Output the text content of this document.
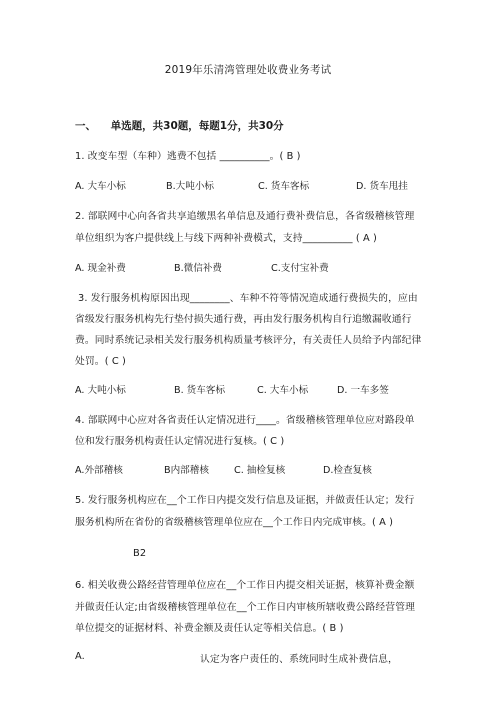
2019年乐清湾管理处收费业务考试
一、 单选题，共30题，每题1分，共30分
1. 改变车型（车种）逃费不包括 __________。( B )
A. 大车小标	B.大吨小标	C. 货车客标	D. 货车甩挂
2. 部联网中心向各省共享追缴黑名单信息及通行费补费信息，各省级稽核管理
单位组织为客户提供线上与线下两种补费模式，支持__________ ( A )
A. 现金补费	B.微信补费	C.支付宝补费
3. 发行服务机构原因出现________、车种不符等情况造成通行费损失的，应由
省级发行服务机构先行垫付损失通行费，再由发行服务机构自行追缴漏收通行
费。同时系统记录相关发行服务机构质量考核评分，有关责任人员给予内部纪律
处罚。( C )
A. 大吨小标	B. 货车客标	C. 大车小标	D. 一车多签
4. 部联网中心应对各省责任认定情况进行____。省级稽核管理单位应对路段单
位和发行服务机构责任认定情况进行复核。( C )
A.外部稽核	B内部稽核	C. 抽检复核	D.检查复核
5. 发行服务机构应在__个工作日内提交发行信息及证据，并做责任认定；发行
服务机构所在省份的省级稽核管理单位应在__个工作日内完成审核。( A )
B2
6. 相关收费公路经营管理单位应在__个工作日内提交相关证据，核算补费金额
并做责任认定;由省级稽核管理单位在__个工作日内审核所辖收费公路经营管理
单位提交的证据材料、补费金额及责任认定等相关信息。( B )
A.	认定为客户责任的、系统同时生成补费信息，
